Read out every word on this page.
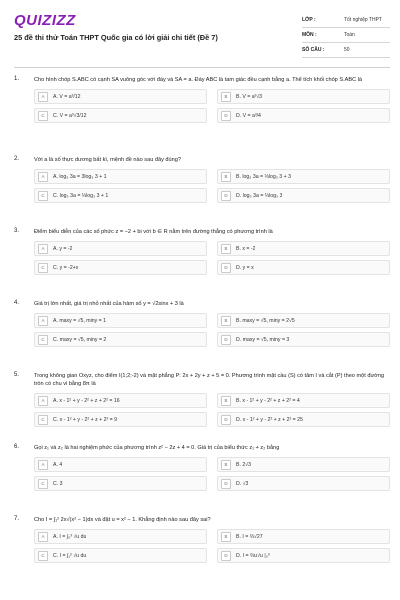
QUIZIZZ
25 đề thi thử Toán THPT Quốc gia có lời giải chi tiết (Đề 7)
LỚP :	Tốt nghiệp THPT
MÔN :	Toán
SỐ CÂU :	50
1.	Cho hình chóp S.ABC có cạnh SA vuông góc với đáy và SA = a. Đáy ABC là tam giác đều cạnh bằng a. Thể tích khối chóp S.ABC là
A	A. V = a³/12	B	B. V = a³√3
C	C. V = a³√3/12	D	D. V = a³/4
2.	Với a là số thực dương bất kì, mệnh đề nào sau đây đúng?
A	A. log₃ 3a = 3log₃ 3 + 1	B	B. log₃ 3a = ⅓log₃ 3 + 3
C	C. log₃ 3a = ⅓log₃ 3 + 1	D	D. log₃ 3a = ⅓log₃ 3
3.	Điểm biểu diễn của các số phức z = −2 + bi với b ∈ R nằm trên đường thẳng có phương trình là
A	A. y = -2	B	B. x = -2
C	C. y = -2+x	D	D. y = x
4.	Giá trị lớn nhất, giá trị nhỏ nhất của hàm số y = √2sinx + 3 là
A	A. maxy = √5, miny = 1	B	B. maxy = √5, miny = 2√5
C	C. maxy = √5, miny = 2	D	D. maxy = √5, miny = 3
5.	Trong không gian Oxyz, cho điểm I(1;2;-2) và mặt phẳng P: 2x + 2y + z + 5 = 0. Phương trình mặt cầu (S) có tâm I và cắt (P) theo một đường tròn có chu vi bằng 8π là
A	A. x - 1² + y - 2² + z + 2² = 16	B	B. x - 1² + y - 2² + z + 2² = 4
C	C. x - 1² + y - 2² + z + 2² = 9	D	D. x - 1² + y - 2² + z + 2² = 25
6.	Gọi z₁ và z₂ là hai nghiệm phức của phương trình z² − 2z + 4 = 0. Giá trị của biểu thức z₁ + z₂ bằng
A	A. 4	B	B. 2√3
C	C. 3	D	D. √3
7.	Cho I = ∫₁² 2x√(x² − 1)dx và đặt u = x² − 1. Khẳng định nào sau đây sai?
A	A. I = ∫₀³ √u du	B	B. I = ⅔√27
C	C. I = ∫₁² √u du	D	D. I = ⅔u√u |₀³
